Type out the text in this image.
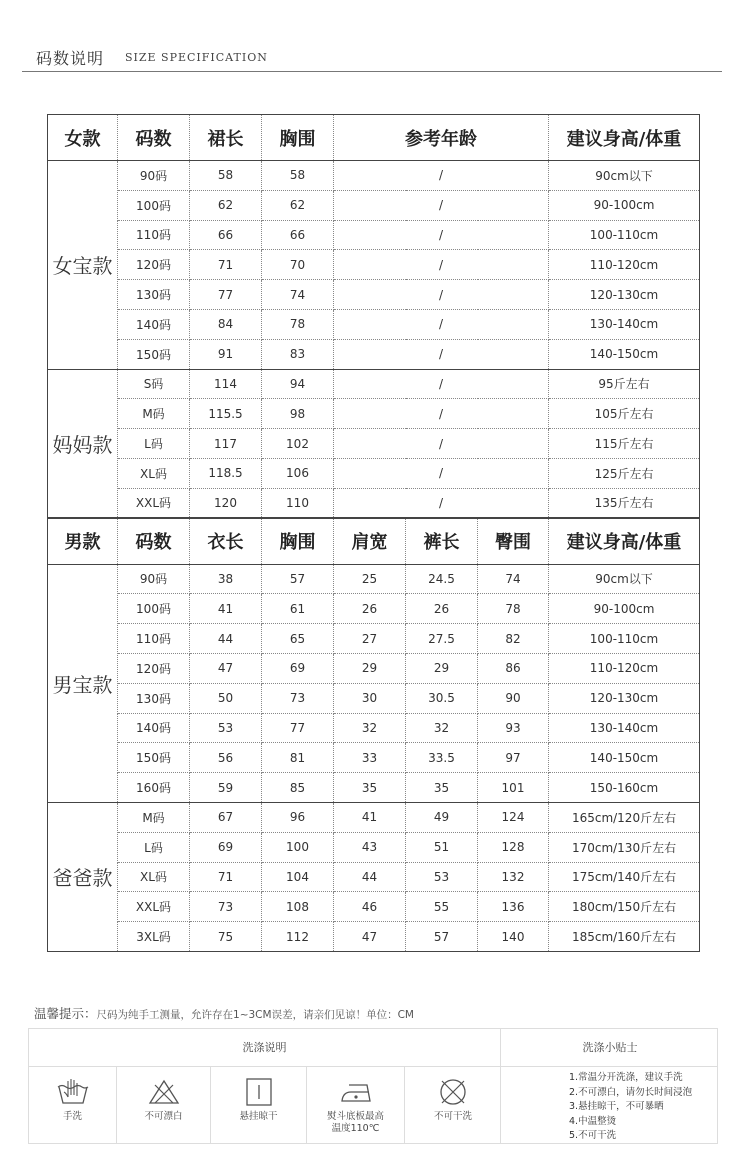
码数说明 SIZE SPECIFICATION
女款	码数	裙长	胸围	参考年龄			建议身高/体重
女宝款	90码	58	58	/			90cm以下
	100码	62	62	/			90-100cm
	110码	66	66	/			100-110cm
	120码	71	70	/			110-120cm
	130码	77	74	/			120-130cm
	140码	84	78	/			130-140cm
	150码	91	83	/			140-150cm
妈妈款	S码	114	94	/			95斤左右
	M码	115.5	98	/			105斤左右
	L码	117	102	/			115斤左右
	XL码	118.5	106	/			125斤左右
	XXL码	120	110	/			135斤左右
男款	码数	衣长	胸围	肩宽	裤长	臀围	建议身高/体重
男宝款	90码	38	57	25	24.5	74	90cm以下
	100码	41	61	26	26	78	90-100cm
	110码	44	65	27	27.5	82	100-110cm
	120码	47	69	29	29	86	110-120cm
	130码	50	73	30	30.5	90	120-130cm
	140码	53	77	32	32	93	130-140cm
	150码	56	81	33	33.5	97	140-150cm
	160码	59	85	35	35	101	150-160cm
爸爸款	M码	67	96	41	49	124	165cm/120斤左右
	L码	69	100	43	51	128	170cm/130斤左右
	XL码	71	104	44	53	132	175cm/140斤左右
	XXL码	73	108	46	55	136	180cm/150斤左右
	3XL码	75	112	47	57	140	185cm/160斤左右
温馨提示：尺码为纯手工测量，允许存在1~3CM误差，请亲们见谅！单位：CM
洗涤说明	洗涤小贴士
手洗	不可漂白	悬挂晾干	熨斗底板最高
温度110℃
不可干洗
1.常温分开洗涤，建议手洗
2.不可漂白，请勿长时间浸泡
3.悬挂晾干，不可暴晒
4.中温整烫
5.不可干洗
